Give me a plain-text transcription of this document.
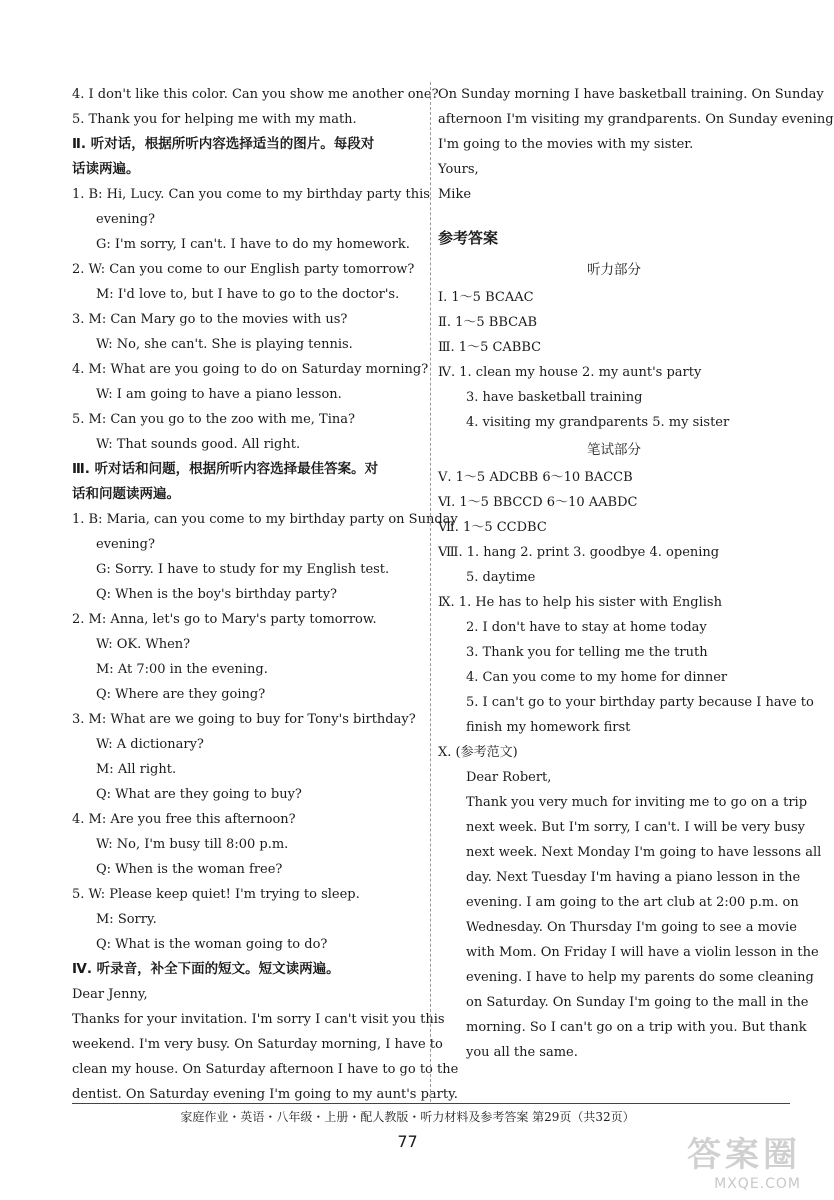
4. I don't like this color. Can you show me another one?
5. Thank you for helping me with my math.
Ⅱ. 听对话，根据所听内容选择适当的图片。每段对
话读两遍。
1. B: Hi, Lucy. Can you come to my birthday party this
evening?
G: I'm sorry, I can't. I have to do my homework.
2. W: Can you come to our English party tomorrow?
M: I'd love to, but I have to go to the doctor's.
3. M: Can Mary go to the movies with us?
W: No, she can't. She is playing tennis.
4. M: What are you going to do on Saturday morning?
W: I am going to have a piano lesson.
5. M: Can you go to the zoo with me, Tina?
W: That sounds good. All right.
Ⅲ. 听对话和问题，根据所听内容选择最佳答案。对
话和问题读两遍。
1. B: Maria, can you come to my birthday party on Sunday
evening?
G: Sorry. I have to study for my English test.
Q: When is the boy's birthday party?
2. M: Anna, let's go to Mary's party tomorrow.
W: OK. When?
M: At 7:00 in the evening.
Q: Where are they going?
3. M: What are we going to buy for Tony's birthday?
W: A dictionary?
M: All right.
Q: What are they going to buy?
4. M: Are you free this afternoon?
W: No, I'm busy till 8:00 p.m.
Q: When is the woman free?
5. W: Please keep quiet! I'm trying to sleep.
M: Sorry.
Q: What is the woman going to do?
Ⅳ. 听录音，补全下面的短文。短文读两遍。
Dear Jenny,
Thanks for your invitation. I'm sorry I can't visit you this
weekend. I'm very busy. On Saturday morning, I have to
clean my house. On Saturday afternoon I have to go to the
dentist. On Saturday evening I'm going to my aunt's party.
On Sunday morning I have basketball training. On Sunday
afternoon I'm visiting my grandparents. On Sunday evening
I'm going to the movies with my sister.
Yours,
Mike
参考答案
听力部分
Ⅰ. 1～5 BCAAC
Ⅱ. 1～5 BBCAB
Ⅲ. 1～5 CABBC
Ⅳ. 1. clean my house 2. my aunt's party
3. have basketball training
4. visiting my grandparents 5. my sister
笔试部分
Ⅴ. 1～5 ADCBB 6～10 BACCB
Ⅵ. 1～5 BBCCD 6～10 AABDC
Ⅶ. 1～5 CCDBC
Ⅷ. 1. hang 2. print 3. goodbye 4. opening
5. daytime
Ⅸ. 1. He has to help his sister with English
2. I don't have to stay at home today
3. Thank you for telling me the truth
4. Can you come to my home for dinner
5. I can't go to your birthday party because I have to
finish my homework first
Ⅹ. (参考范文)
Dear Robert,
Thank you very much for inviting me to go on a trip
next week. But I'm sorry, I can't. I will be very busy
next week. Next Monday I'm going to have lessons all
day. Next Tuesday I'm having a piano lesson in the
evening. I am going to the art club at 2:00 p.m. on
Wednesday. On Thursday I'm going to see a movie
with Mom. On Friday I will have a violin lesson in the
evening. I have to help my parents do some cleaning
on Saturday. On Sunday I'm going to the mall in the
morning. So I can't go on a trip with you. But thank
you all the same.
家庭作业・英语・八年级・上册・配人教版・听力材料及参考答案 第29页（共32页）
77	答案圈
MXQE.COM
